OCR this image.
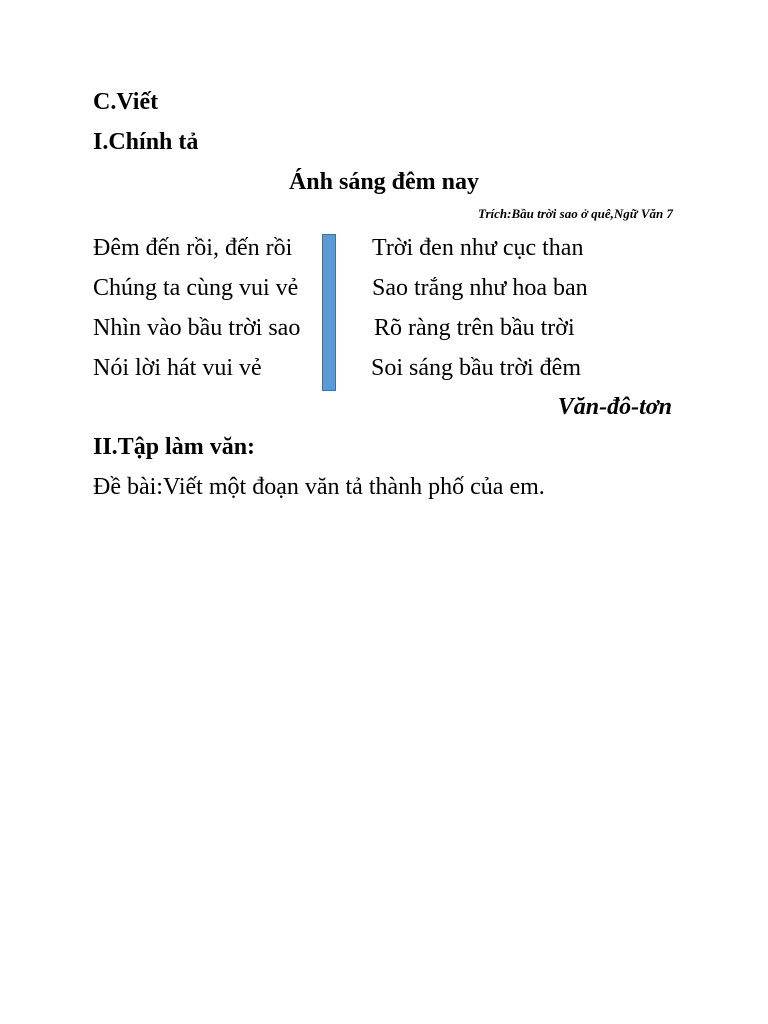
C.Viết
I.Chính tả
Ánh sáng đêm nay
Trích:Bầu trời sao ở quê,Ngữ Văn 7
Đêm đến rồi, đến rồi
Chúng ta cùng vui vẻ
Nhìn vào bầu trời sao
Nói lời hát vui vẻ
Trời đen như cục than
Sao trắng như hoa ban
Rõ ràng trên bầu trời
Soi sáng bầu trời đêm
Văn-đô-tơn
II.Tập làm văn:
Đề bài:Viết một đoạn văn tả thành phố của em.
